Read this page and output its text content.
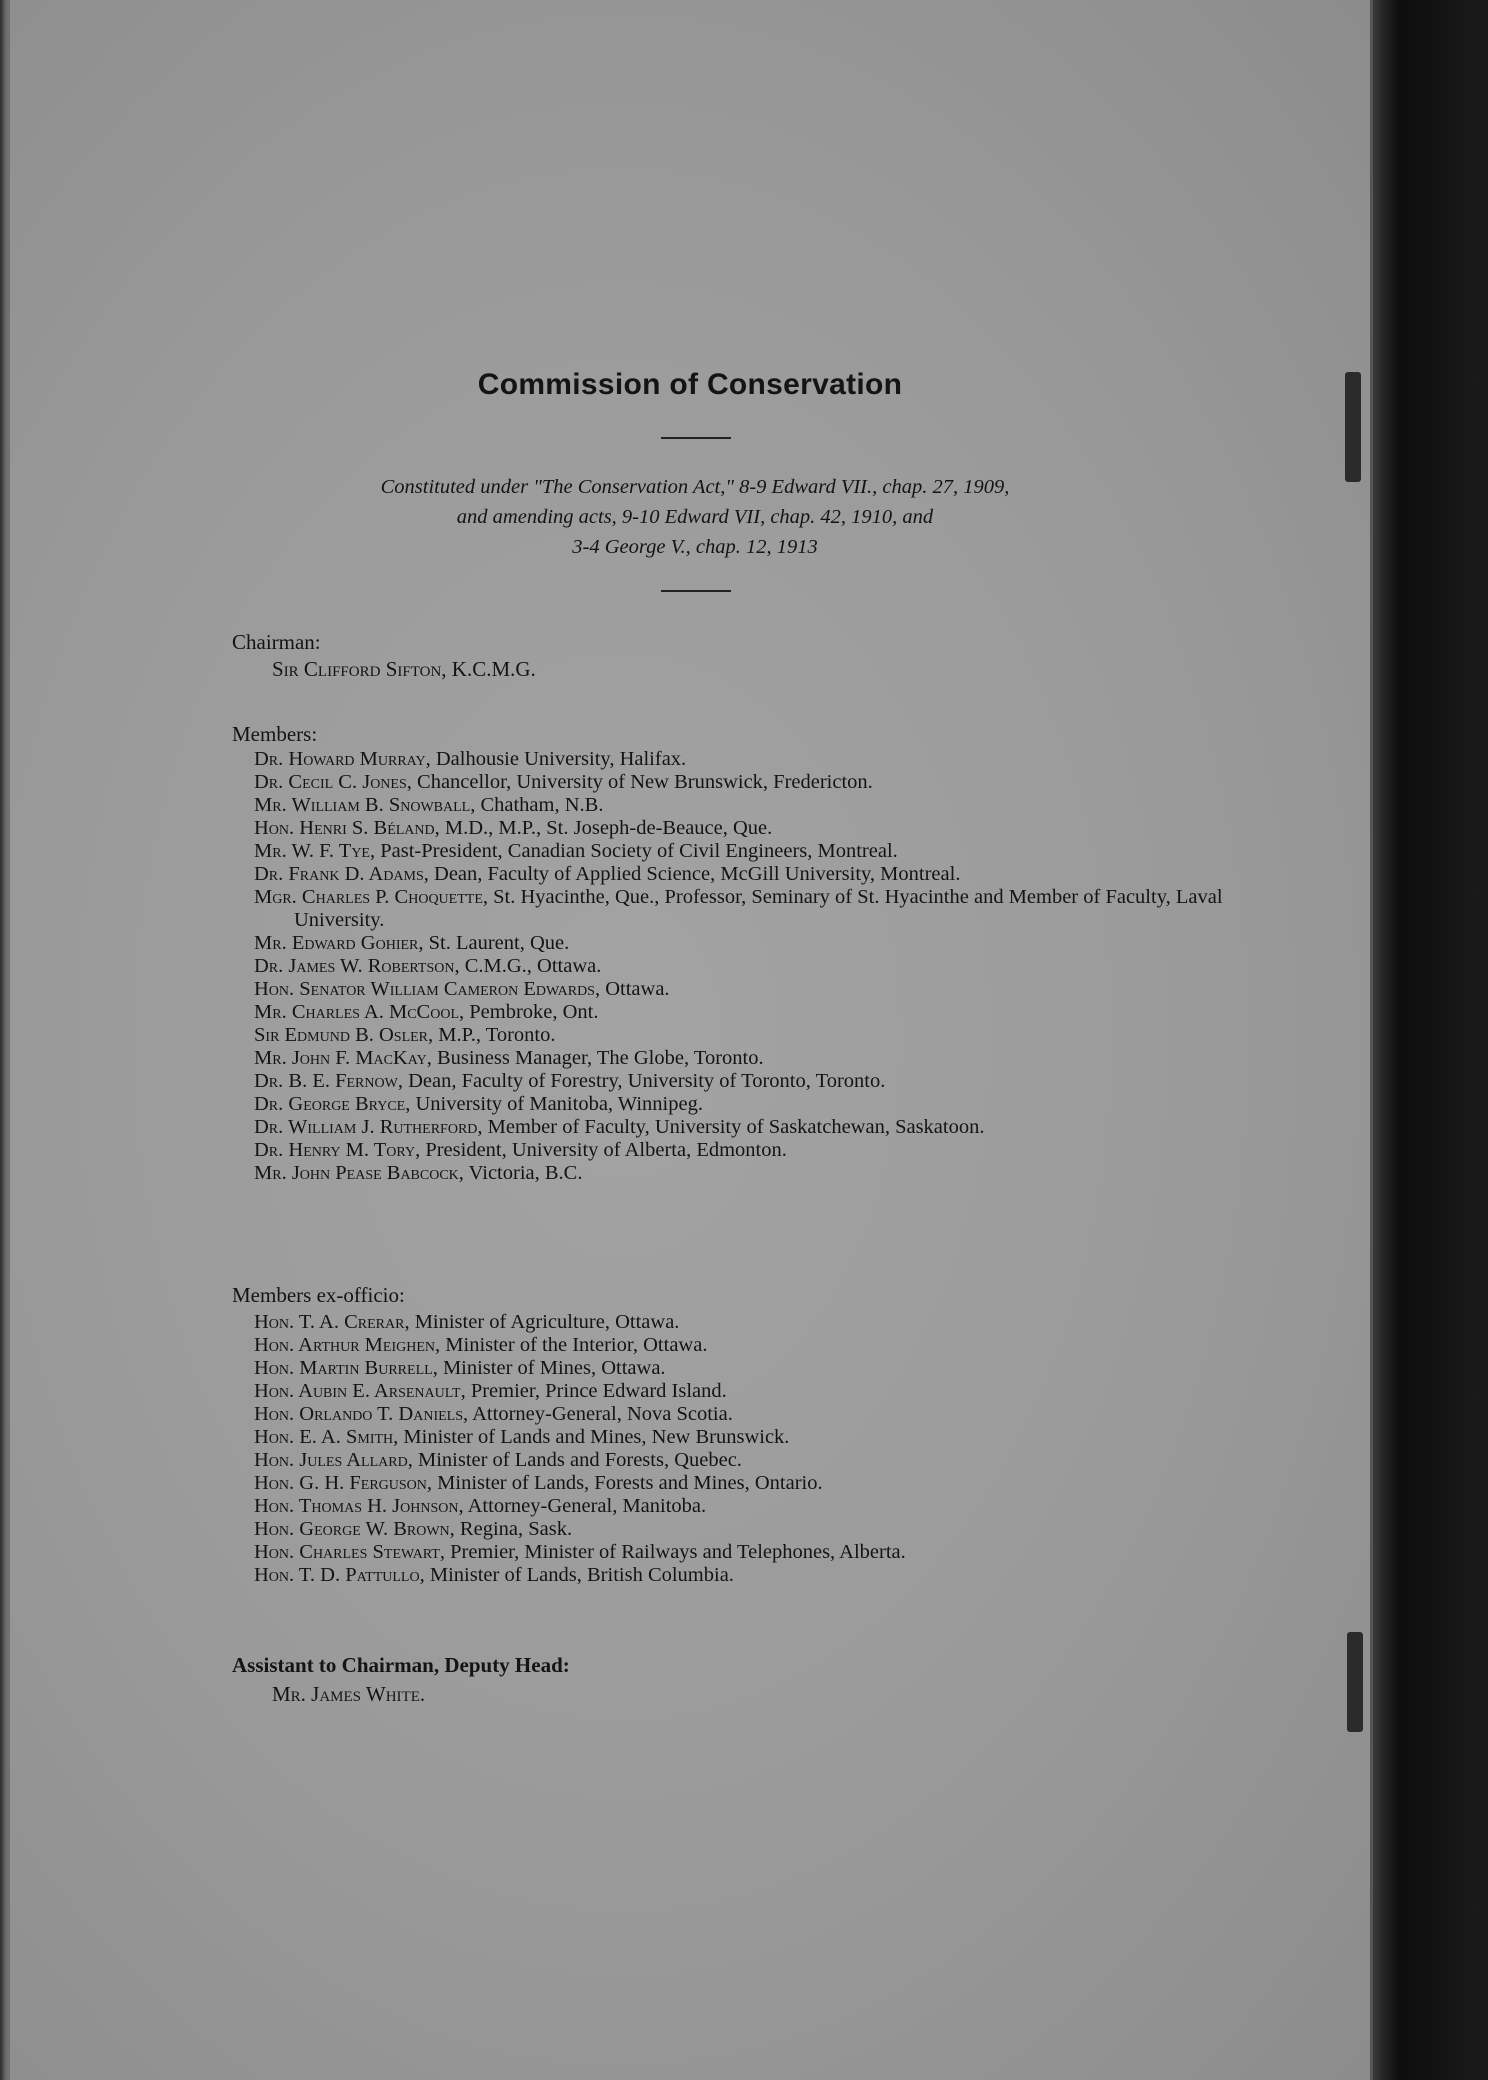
Commission of Conservation
Constituted under "The Conservation Act," 8-9 Edward VII., chap. 27, 1909,
and amending acts, 9-10 Edward VII, chap. 42, 1910, and
3-4 George V., chap. 12, 1913
Chairman:
Sir Clifford Sifton, K.C.M.G.
Members:

Dr. Howard Murray, Dalhousie University, Halifax.

Dr. Cecil C. Jones, Chancellor, University of New Brunswick, Fredericton.

Mr. William B. Snowball, Chatham, N.B.

Hon. Henri S. Béland, M.D., M.P., St. Joseph-de-Beauce, Que.

Mr. W. F. Tye, Past-President, Canadian Society of Civil Engineers, Montreal.

Dr. Frank D. Adams, Dean, Faculty of Applied Science, McGill University, Montreal.

Mgr. Charles P. Choquette, St. Hyacinthe, Que., Professor, Seminary of St. Hyacinthe and Member of Faculty, Laval University.

Mr. Edward Gohier, St. Laurent, Que.

Dr. James W. Robertson, C.M.G., Ottawa.

Hon. Senator William Cameron Edwards, Ottawa.

Mr. Charles A. McCool, Pembroke, Ont.

Sir Edmund B. Osler, M.P., Toronto.

Mr. John F. MacKay, Business Manager, The Globe, Toronto.

Dr. B. E. Fernow, Dean, Faculty of Forestry, University of Toronto, Toronto.

Dr. George Bryce, University of Manitoba, Winnipeg.

Dr. William J. Rutherford, Member of Faculty, University of Saskatchewan, Saskatoon.

Dr. Henry M. Tory, President, University of Alberta, Edmonton.

Mr. John Pease Babcock, Victoria, B.C.

Members ex-officio:

Hon. T. A. Crerar, Minister of Agriculture, Ottawa.

Hon. Arthur Meighen, Minister of the Interior, Ottawa.

Hon. Martin Burrell, Minister of Mines, Ottawa.

Hon. Aubin E. Arsenault, Premier, Prince Edward Island.

Hon. Orlando T. Daniels, Attorney-General, Nova Scotia.

Hon. E. A. Smith, Minister of Lands and Mines, New Brunswick.

Hon. Jules Allard, Minister of Lands and Forests, Quebec.

Hon. G. H. Ferguson, Minister of Lands, Forests and Mines, Ontario.

Hon. Thomas H. Johnson, Attorney-General, Manitoba.

Hon. George W. Brown, Regina, Sask.

Hon. Charles Stewart, Premier, Minister of Railways and Telephones, Alberta.

Hon. T. D. Pattullo, Minister of Lands, British Columbia.

Assistant to Chairman, Deputy Head:
Mr. James White.
